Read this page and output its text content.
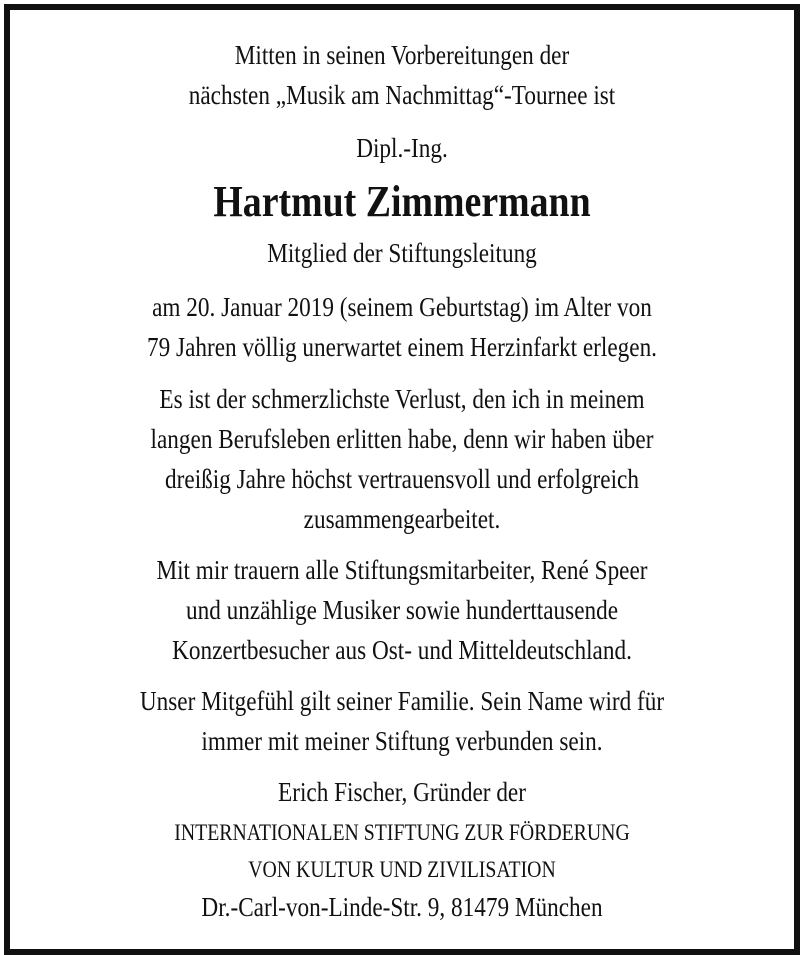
Mitten in seinen Vorbereitungen der
nächsten „Musik am Nachmittag“-Tournee ist
Dipl.-Ing.
Hartmut Zimmermann
Mitglied der Stiftungsleitung
am 20. Januar 2019 (seinem Geburtstag) im Alter von
79 Jahren völlig unerwartet einem Herzinfarkt erlegen.
Es ist der schmerzlichste Verlust, den ich in meinem
langen Berufsleben erlitten habe, denn wir haben über
dreißig Jahre höchst vertrauensvoll und erfolgreich
zusammengearbeitet.
Mit mir trauern alle Stiftungsmitarbeiter, René Speer
und unzählige Musiker sowie hunderttausende
Konzertbesucher aus Ost- und Mitteldeutschland.
Unser Mitgefühl gilt seiner Familie. Sein Name wird für
immer mit meiner Stiftung verbunden sein.
Erich Fischer, Gründer der
INTERNATIONALEN STIFTUNG ZUR FÖRDERUNG
VON KULTUR UND ZIVILISATION
Dr.-Carl-von-Linde-Str. 9, 81479 München
